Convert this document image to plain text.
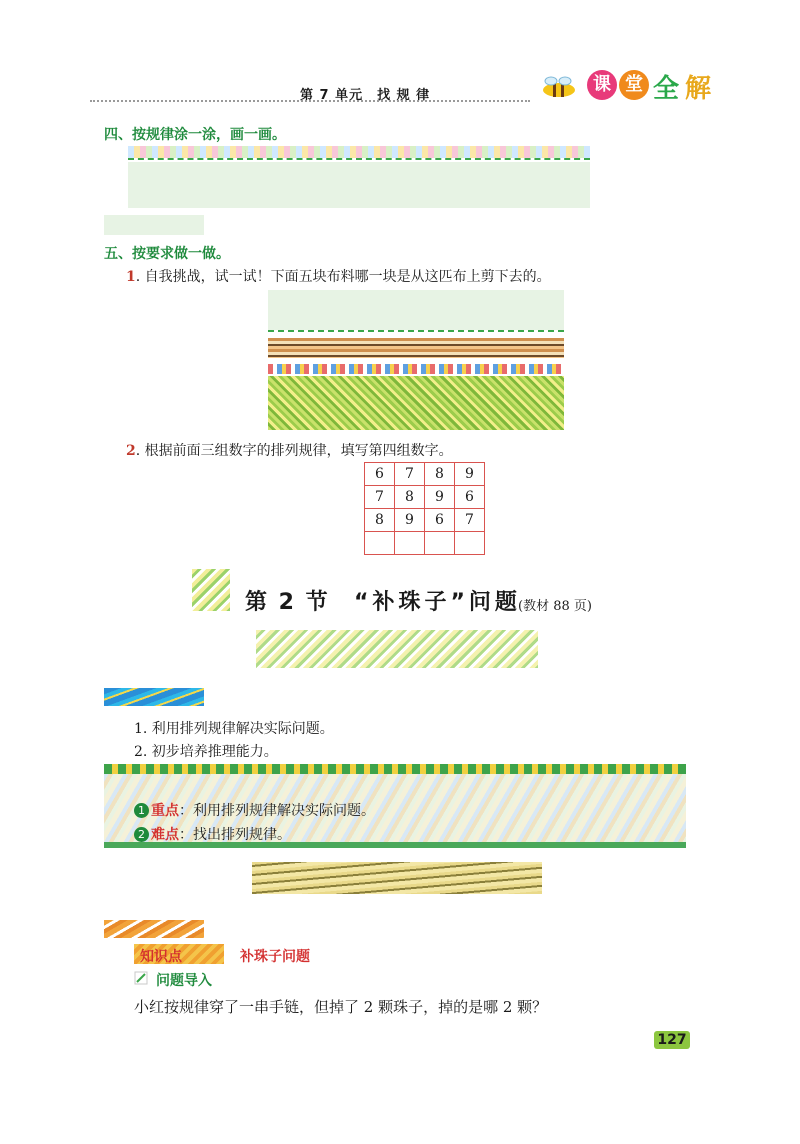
第 7 单元　找 规 律
课 堂 全 解
四、按规律涂一涂，画一画。
五、按要求做一做。
1. 自我挑战，试一试！下面五块布料哪一块是从这匹布上剪下去的。
2. 根据前面三组数字的排列规律，填写第四组数字。
6	7	8	9
7	8	9	6
8	9	6	7

第 2 节 “补珠子”问题
(教材 88 页)
1. 利用排列规律解决实际问题。
2. 初步培养推理能力。
1 重点：利用排列规律解决实际问题。
2 难点：找出排列规律。
知识点	补珠子问题
问题导入
小红按规律穿了一串手链，但掉了 2 颗珠子，掉的是哪 2 颗？
127
